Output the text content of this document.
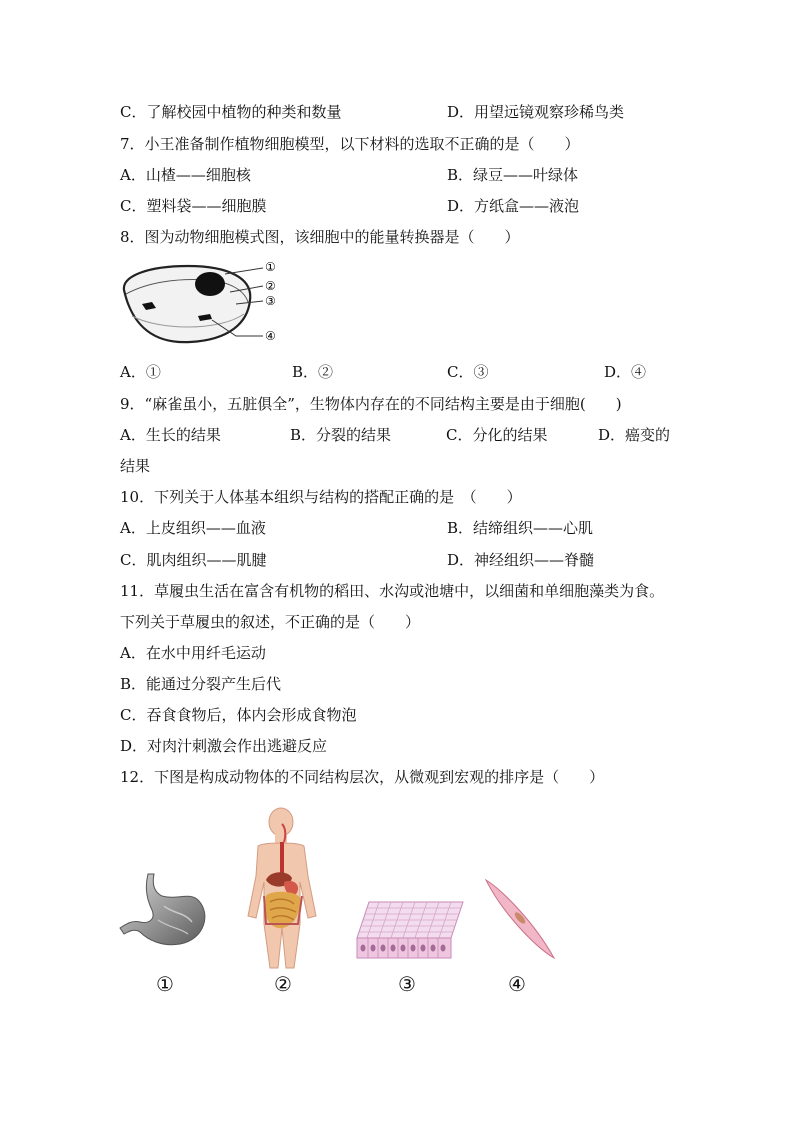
C．了解校园中植物的种类和数量	D．用望远镜观察珍稀鸟类
7．小王准备制作植物细胞模型，以下材料的选取不正确的是（　　）
A．山楂——细胞核	B．绿豆——叶绿体
C．塑料袋——细胞膜	D．方纸盒——液泡
8．图为动物细胞模式图，该细胞中的能量转换器是（　　）
①
②
③
④
A．①	B．②	C．③	D．④
9．“麻雀虽小，五脏俱全”，生物体内存在的不同结构主要是由于细胞(　　)
A．生长的结果	B．分裂的结果	C．分化的结果	D．癌变的
结果
10．下列关于人体基本组织与结构的搭配正确的是　（　　）
A．上皮组织——血液	B．结缔组织——心肌
C．肌肉组织——肌腱	D．神经组织——脊髓
11．草履虫生活在富含有机物的稻田、水沟或池塘中，以细菌和单细胞藻类为食。
下列关于草履虫的叙述，不正确的是（　　）
A．在水中用纤毛运动
B．能通过分裂产生后代
C．吞食食物后，体内会形成食物泡
D．对肉汁刺激会作出逃避反应
12．下图是构成动物体的不同结构层次，从微观到宏观的排序是（　　）
①	②	③	④
